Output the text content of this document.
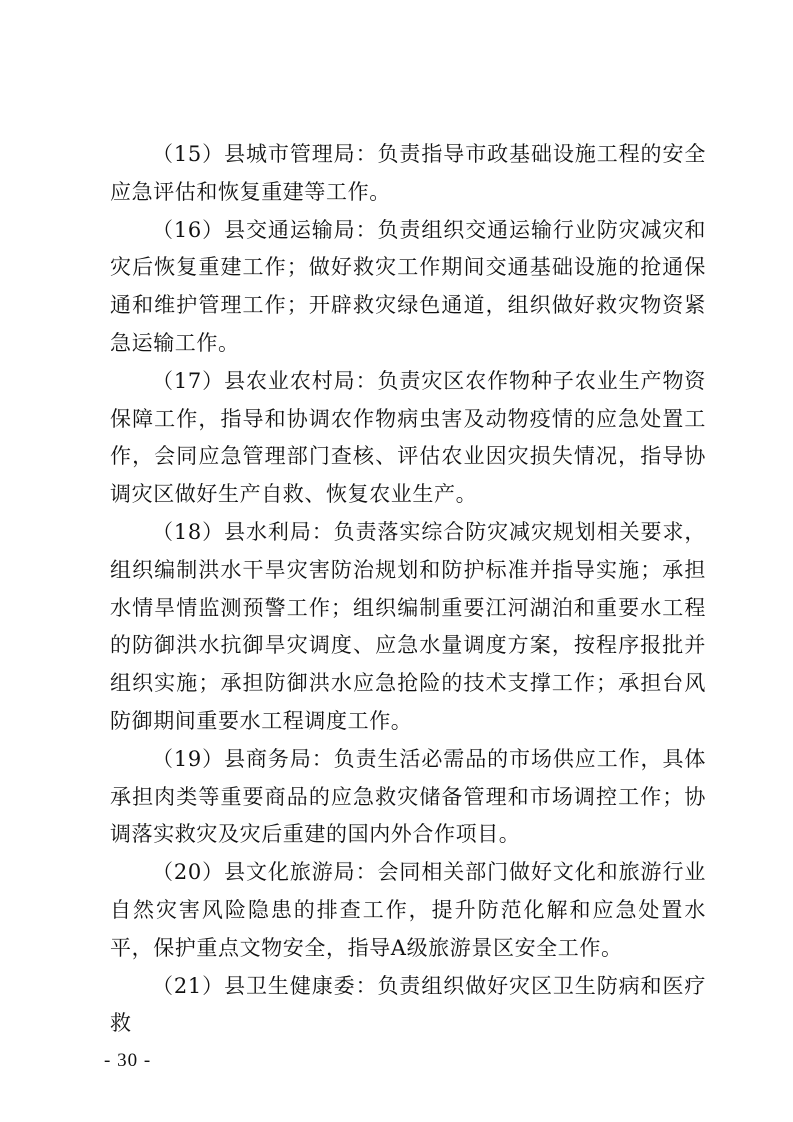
（15）县城市管理局：负责指导市政基础设施工程的安全应急评估和恢复重建等工作。

（16）县交通运输局：负责组织交通运输行业防灾减灾和灾后恢复重建工作；做好救灾工作期间交通基础设施的抢通保通和维护管理工作；开辟救灾绿色通道，组织做好救灾物资紧急运输工作。

（17）县农业农村局：负责灾区农作物种子农业生产物资保障工作，指导和协调农作物病虫害及动物疫情的应急处置工作，会同应急管理部门查核、评估农业因灾损失情况，指导协调灾区做好生产自救、恢复农业生产。

（18）县水利局：负责落实综合防灾减灾规划相关要求，组织编制洪水干旱灾害防治规划和防护标准并指导实施；承担水情旱情监测预警工作；组织编制重要江河湖泊和重要水工程的防御洪水抗御旱灾调度、应急水量调度方案，按程序报批并组织实施；承担防御洪水应急抢险的技术支撑工作；承担台风防御期间重要水工程调度工作。

（19）县商务局：负责生活必需品的市场供应工作，具体承担肉类等重要商品的应急救灾储备管理和市场调控工作；协调落实救灾及灾后重建的国内外合作项目。

（20）县文化旅游局：会同相关部门做好文化和旅游行业自然灾害风险隐患的排查工作，提升防范化解和应急处置水平，保护重点文物安全，指导A级旅游景区安全工作。

（21）县卫生健康委：负责组织做好灾区卫生防病和医疗救

- 30 -
